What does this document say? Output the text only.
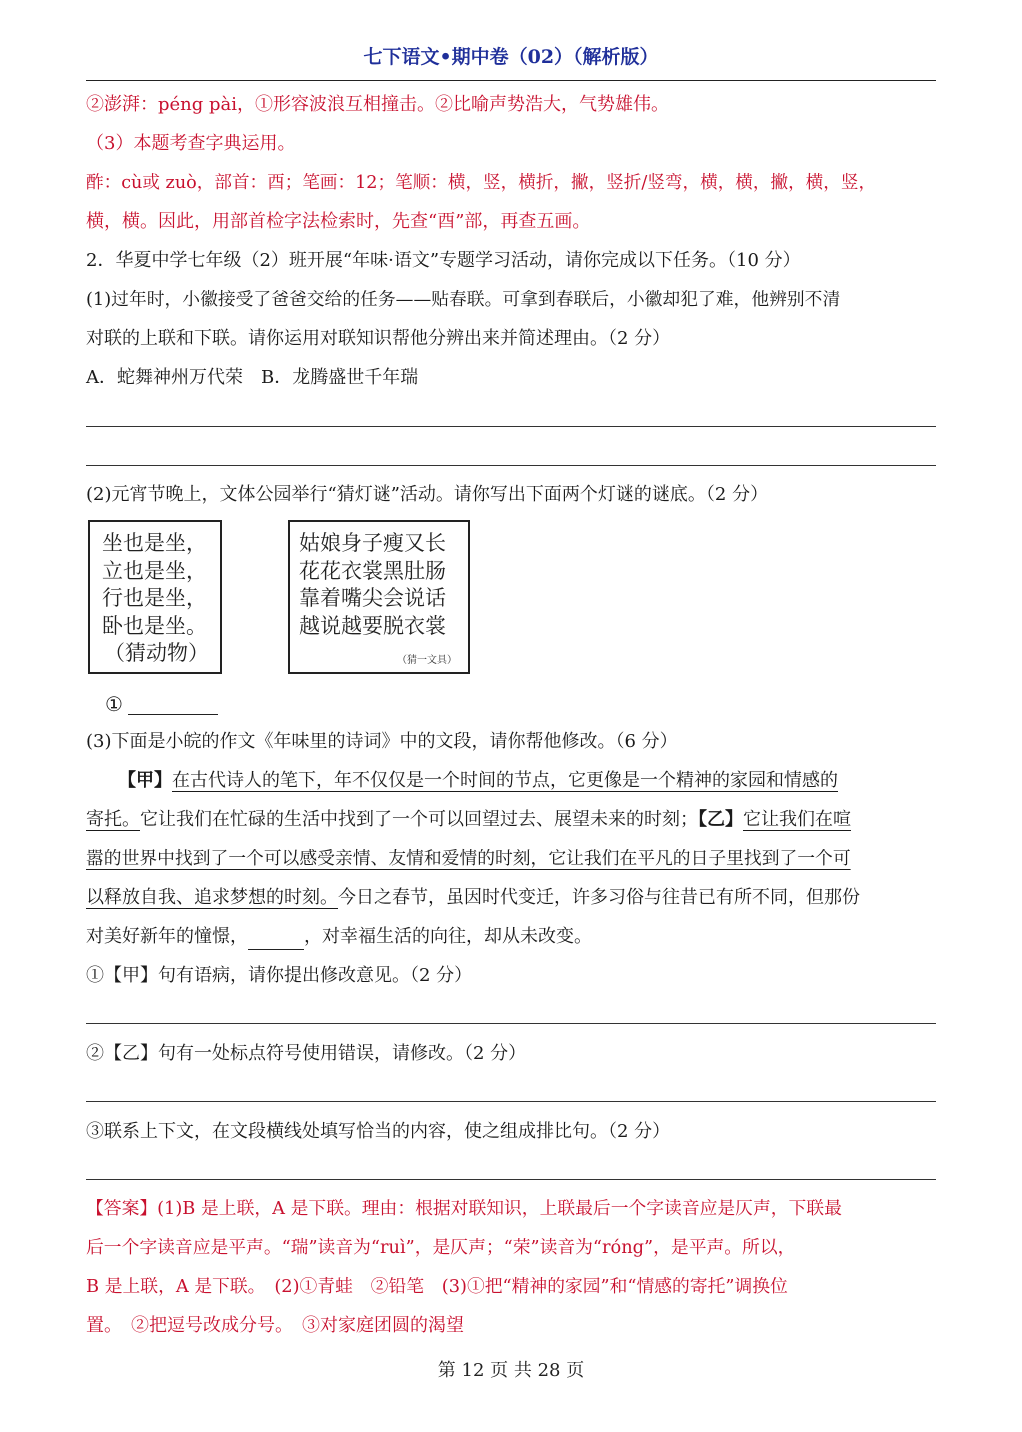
七下语文•期中卷（02）（解析版）
②澎湃：péng pài，①形容波浪互相撞击。②比喻声势浩大，气势雄伟。
（3）本题考查字典运用。
酢：cù或 zuò，部首：酉；笔画：12；笔顺：横，竖，横折，撇，竖折/竖弯，横，横，撇，横，竖，
横，横。因此，用部首检字法检索时，先查“酉”部，再查五画。
2．华夏中学七年级（2）班开展“年味·语文”专题学习活动，请你完成以下任务。（10 分）
(1)过年时，小徽接受了爸爸交给的任务——贴春联。可拿到春联后，小徽却犯了难，他辨别不清
对联的上联和下联。请你运用对联知识帮他分辨出来并简述理由。（2 分）
A．蛇舞神州万代荣　B．龙腾盛世千年瑞
(2)元宵节晚上，文体公园举行“猜灯谜”活动。请你写出下面两个灯谜的谜底。（2 分）
坐也是坐，
立也是坐，
行也是坐，
卧也是坐。
（猜动物）
姑娘身子瘦又长
花花衣裳黑肚肠
靠着嘴尖会说话
越说越要脱衣裳
（猜一文具）
①
(3)下面是小皖的作文《年味里的诗词》中的文段，请你帮他修改。（6 分）
【甲】在古代诗人的笔下，年不仅仅是一个时间的节点，它更像是一个精神的家园和情感的
寄托。它让我们在忙碌的生活中找到了一个可以回望过去、展望未来的时刻；【乙】它让我们在喧
嚣的世界中找到了一个可以感受亲情、友情和爱情的时刻，它让我们在平凡的日子里找到了一个可
以释放自我、追求梦想的时刻。今日之春节，虽因时代变迁，许多习俗与往昔已有所不同，但那份
对美好新年的憧憬，	，对幸福生活的向往，却从未改变。
①【甲】句有语病，请你提出修改意见。（2 分）
②【乙】句有一处标点符号使用错误，请修改。（2 分）
③联系上下文，在文段横线处填写恰当的内容，使之组成排比句。（2 分）
【答案】(1)B 是上联，A 是下联。理由：根据对联知识，上联最后一个字读音应是仄声，下联最
后一个字读音应是平声。“瑞”读音为“ruì”，是仄声；“荣”读音为“róng”，是平声。所以，
B 是上联，A 是下联。　(2)①青蛙　②铅笔　(3)①把“精神的家园”和“情感的寄托”调换位
置。　②把逗号改成分号。　③对家庭团圆的渴望
第 12 页 共 28 页
